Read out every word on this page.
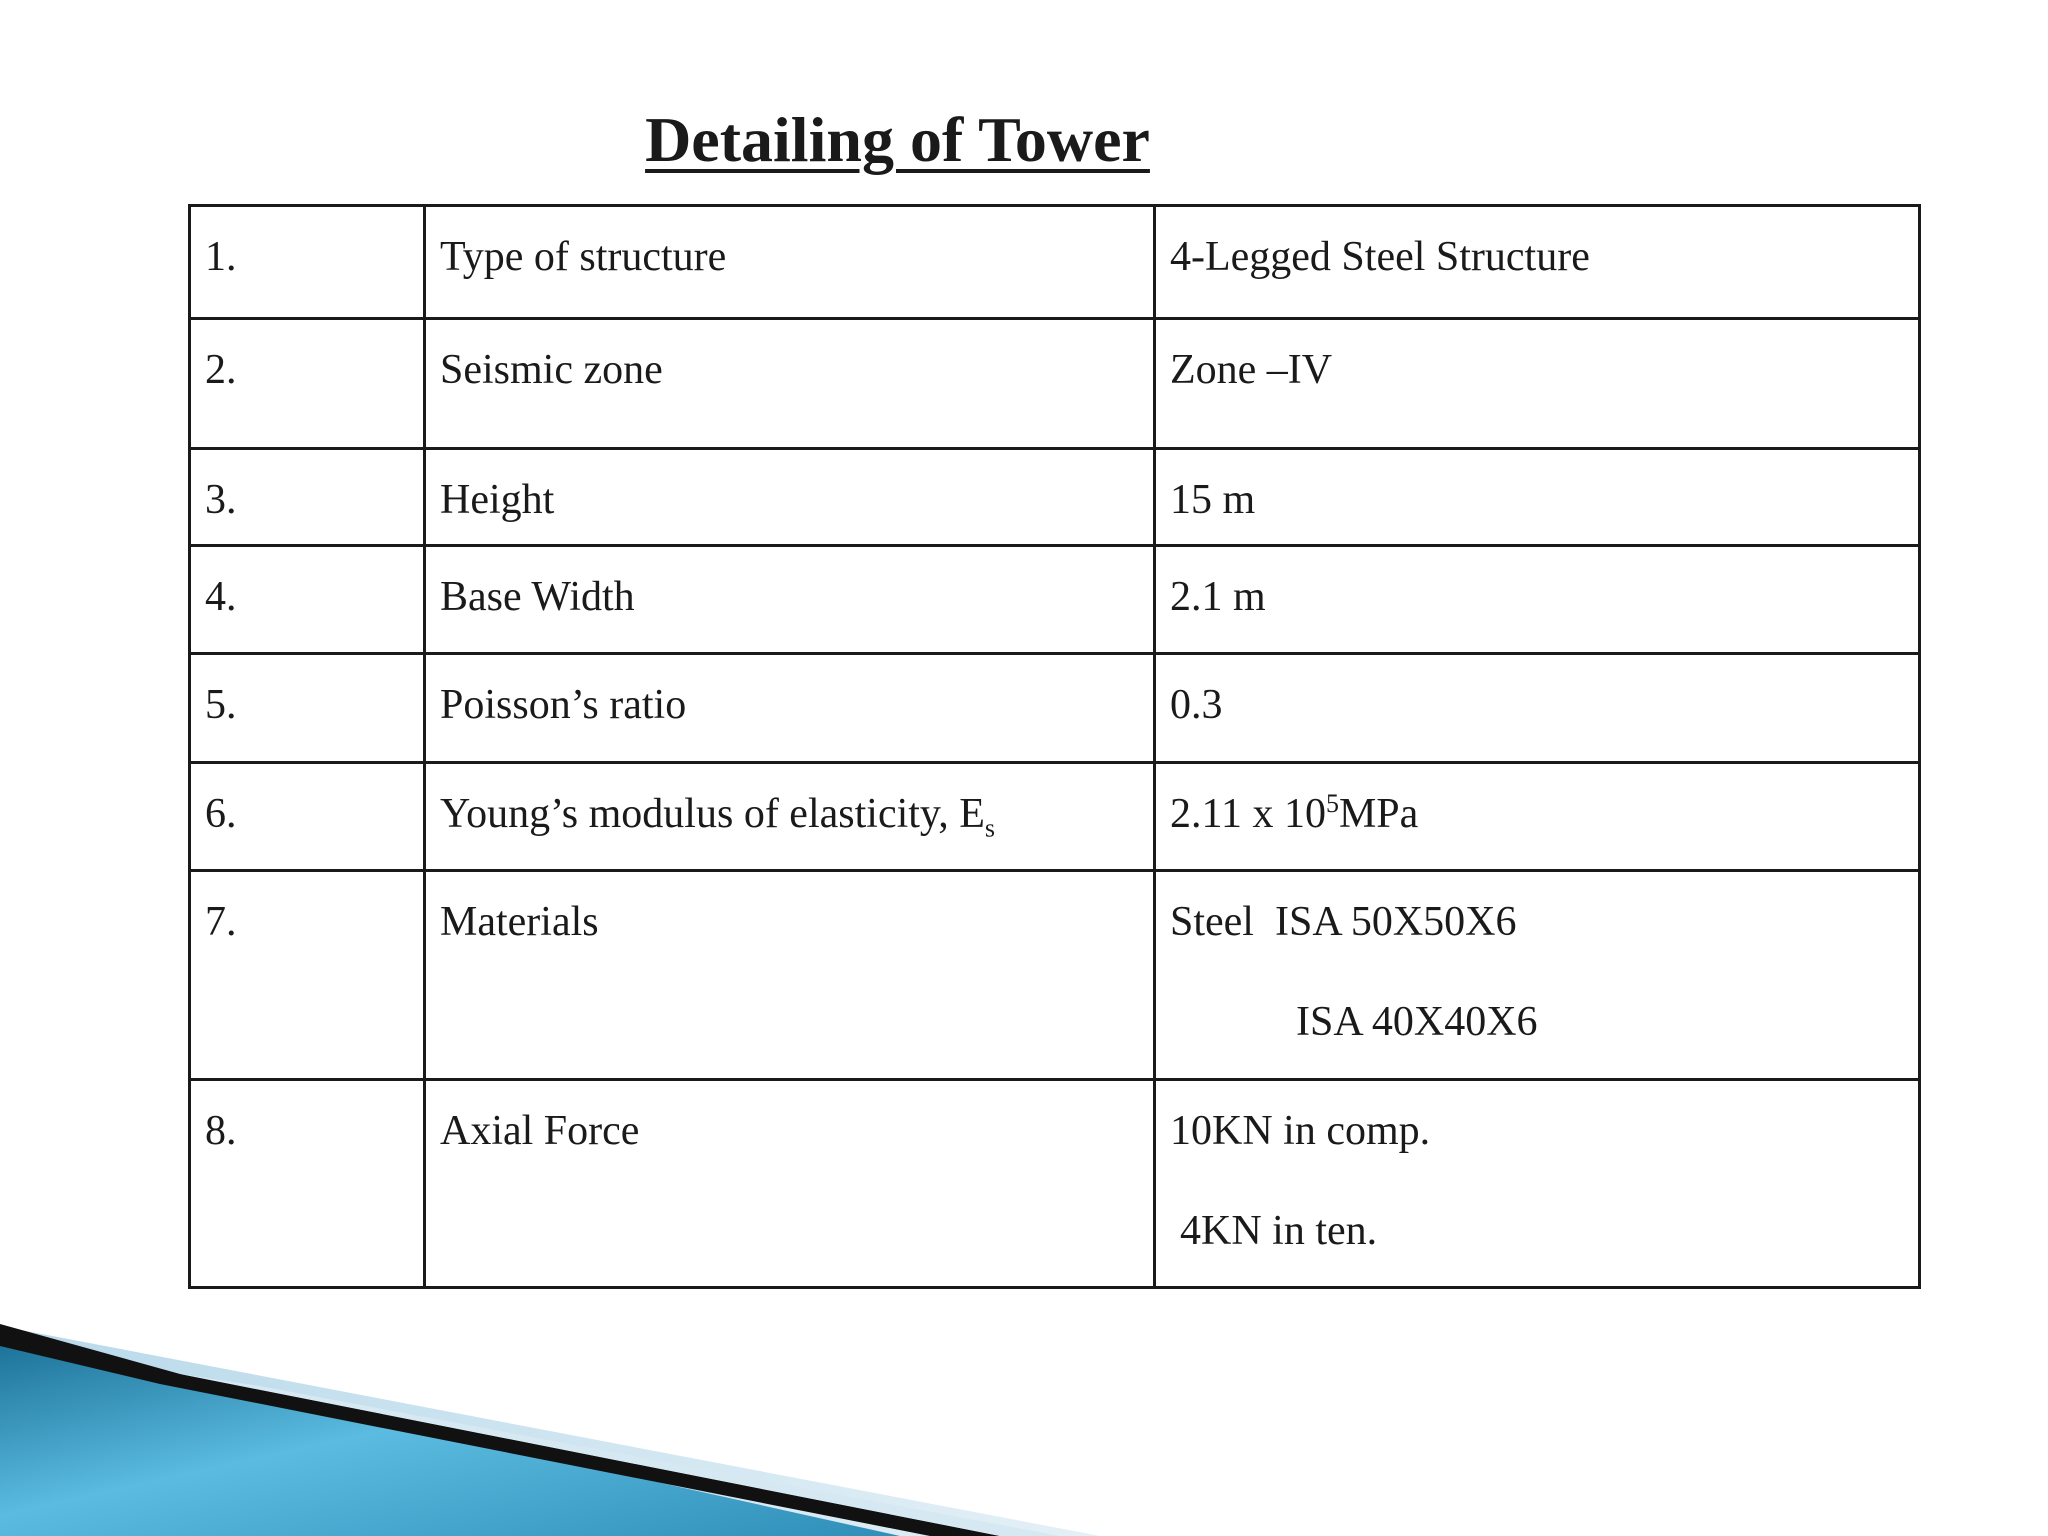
Detailing of Tower
1.	Type of structure	4-Legged Steel Structure
2.	Seismic zone	Zone –IV
3.	Height	15 m
4.	Base Width	2.1 m
5.	Poisson’s ratio	0.3
6.	Young’s modulus of elasticity, $E_s$	2.11 x $10^5MPa$
7.	Materials	Steel  ISA 50X50X6
ISA 40X40X6

8.	Axial Force	10KN in comp.
4KN in ten.
